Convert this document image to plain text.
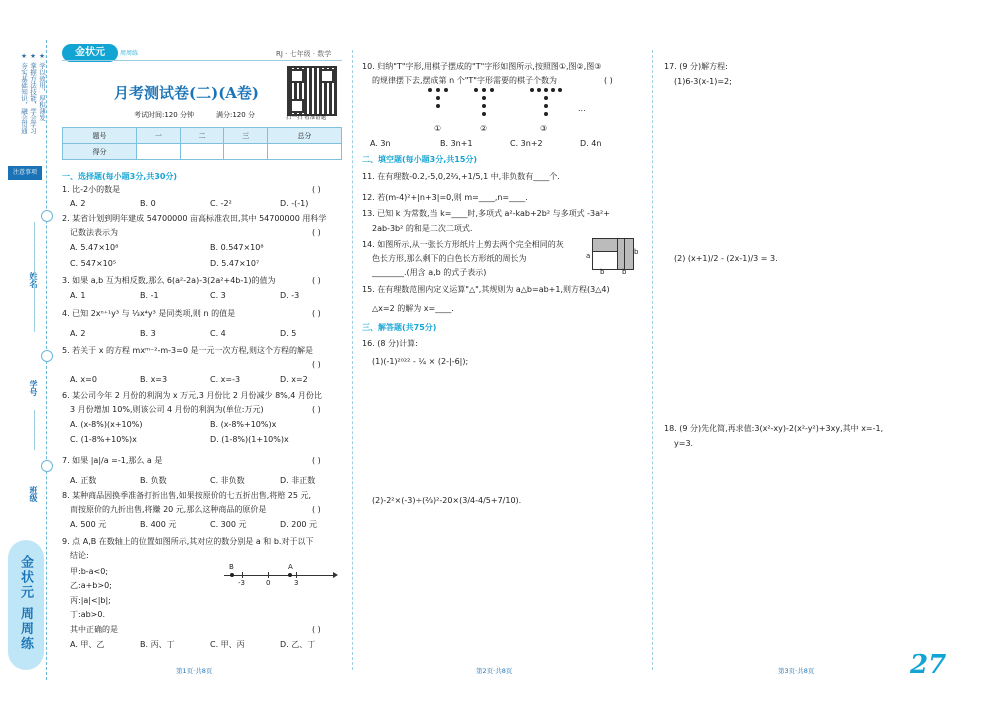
★ 夯实基础知识，融会贯通 ★ 掌握方法技能，学会学习 ★ 学以致用，厚积薄发
注意事项
姓名
学号
班级
金状元 周周练
金状元	周周练	RJ · 七年级 · 数学
月考测试卷(二)(A卷)
考试时间:120 分钟	满分:120 分	扫一扫 看准错题
题号	一	二	三	总分
得分				
一、选择题(每小题3分,共30分)
1. 比-2小的数是	( )
A. 2	B. 0	C. -2²	D. -(-1)
2. 某省计划到明年建成 54700000 亩高标准农田,其中 54700000 用科学
记数法表示为	( )
A. 5.47×10⁸	B. 0.547×10⁸
C. 547×10⁵	D. 5.47×10⁷
3. 如果 a,b 互为相反数,那么 6(a²-2a)-3(2a²+4b-1)的值为	( )
A. 1	B. -1	C. 3	D. -3
4. 已知 2xⁿ⁺¹y³ 与 ⅓x⁴y³ 是同类项,则 n 的值是	( )
A. 2	B. 3	C. 4	D. 5
5. 若关于 x 的方程 mxᵐ⁻²-m-3=0 是一元一次方程,则这个方程的解是
( )
A. x=0	B. x=3	C. x=-3	D. x=2
6. 某公司今年 2 月份的利润为 x 万元,3 月份比 2 月份减少 8%,4 月份比
3 月份增加 10%,则该公司 4 月份的利润为(单位:万元)	( )
A. (x-8%)(x+10%)	B. (x-8%+10%)x
C. (1-8%+10%)x	D. (1-8%)(1+10%)x
7. 如果 |a|/a =-1,那么 a 是	( )
A. 正数	B. 负数	C. 非负数	D. 非正数
8. 某种商品因换季准备打折出售,如果按原价的七五折出售,将赔 25 元,
而按原价的九折出售,将赚 20 元,那么这种商品的原价是	( )
A. 500 元	B. 400 元	C. 300 元	D. 200 元
9. 点 A,B 在数轴上的位置如图所示,其对应的数分别是 a 和 b.对于以下
结论:
甲:b-a<0;
乙:a+b>0;
丙:|a|<|b|;
丁:ab>0.
其中正确的是	( )
A. 甲、乙	B. 丙、丁	C. 甲、丙	D. 乙、丁
B	A
-3	0	3
第1页·共8页
10. 归纳"T"字形,用棋子摆成的"T"字形如图所示,按照图①,图②,图③
的规律摆下去,摆成第 n 个"T"字形需要的棋子个数为	( )
...
①	②	③
A. 3n	B. 3n+1	C. 3n+2	D. 4n
二、填空题(每小题3分,共15分)
11. 在有理数-0.2,-5,0,2⅔,+1/5,1 中,非负数有____个.
12. 若(m-4)²+|n+3|=0,则 m=____,n=____.
13. 已知 k 为常数,当 k=____时,多项式 a²-kab+2b² 与多项式 -3a²+
2ab-3b² 的和是二次二项式.
14. 如图所示,从一张长方形纸片上剪去两个完全相同的灰
色长方形,那么剩下的白色长方形纸的周长为
________.(用含 a,b 的式子表示)
a	b
b	b
15. 在有理数范围内定义运算"△",其规则为 a△b=ab+1,则方程(3△4)
△x=2 的解为 x=____.
三、解答题(共75分)
16. (8 分)计算:
(1)(-1)²⁰²² - ¼ × (2-|-6|);
(2)-2²×(-3)÷(⅔)²-20×(3/4-4/5+7/10).
第2页·共8页
17. (9 分)解方程:
(1)6-3(x-1)=2;
(2) (x+1)/2 - (2x-1)/3 = 3.
18. (9 分)先化简,再求值:3(x²-xy)-2(x²-y²)+3xy,其中 x=-1,
y=3.
第3页·共8页	27
